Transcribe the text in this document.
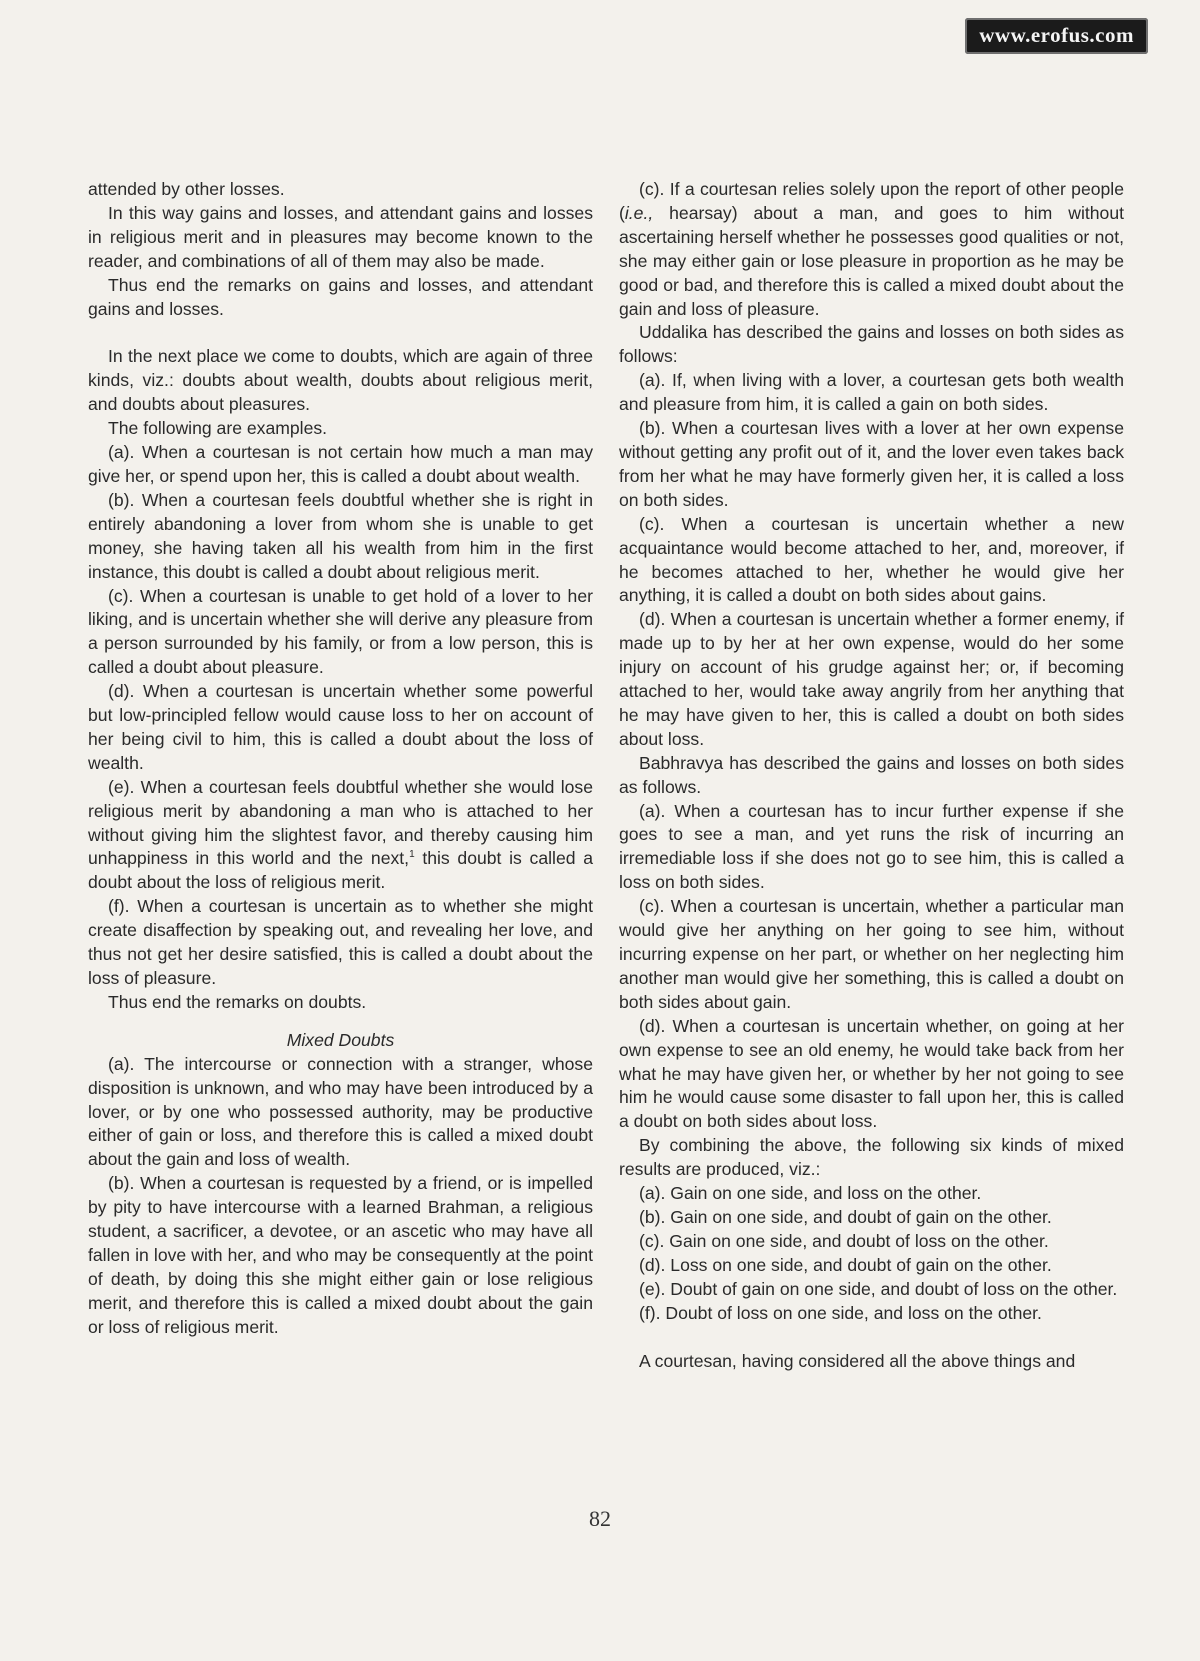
www.erofus.com

attended by other losses.

In this way gains and losses, and attendant gains and losses in religious merit and in pleasures may become known to the reader, and combinations of all of them may also be made.

Thus end the remarks on gains and losses, and attendant gains and losses.

In the next place we come to doubts, which are again of three kinds, viz.: doubts about wealth, doubts about religious merit, and doubts about pleasures.

The following are examples.

(a). When a courtesan is not certain how much a man may give her, or spend upon her, this is called a doubt about wealth.

(b). When a courtesan feels doubtful whether she is right in entirely abandoning a lover from whom she is unable to get money, she having taken all his wealth from him in the first instance, this doubt is called a doubt about religious merit.

(c). When a courtesan is unable to get hold of a lover to her liking, and is uncertain whether she will derive any pleasure from a person surrounded by his family, or from a low person, this is called a doubt about pleasure.

(d). When a courtesan is uncertain whether some powerful but low-principled fellow would cause loss to her on account of her being civil to him, this is called a doubt about the loss of wealth.

(e). When a courtesan feels doubtful whether she would lose religious merit by abandoning a man who is attached to her without giving him the slightest favor, and thereby causing him unhappiness in this world and the next,$^1$ this doubt is called a doubt about the loss of religious merit.

(f). When a courtesan is uncertain as to whether she might create disaffection by speaking out, and revealing her love, and thus not get her desire satisfied, this is called a doubt about the loss of pleasure.

Thus end the remarks on doubts.

Mixed Doubts

(a). The intercourse or connection with a stranger, whose disposition is unknown, and who may have been introduced by a lover, or by one who possessed authority, may be productive either of gain or loss, and therefore this is called a mixed doubt about the gain and loss of wealth.

(b). When a courtesan is requested by a friend, or is impelled by pity to have intercourse with a learned Brahman, a religious student, a sacrificer, a devotee, or an ascetic who may have all fallen in love with her, and who may be consequently at the point of death, by doing this she might either gain or lose religious merit, and therefore this is called a mixed doubt about the gain or loss of religious merit.

(c). If a courtesan relies solely upon the report of other people (i.e., hearsay) about a man, and goes to him without ascertaining herself whether he possesses good qualities or not, she may either gain or lose pleasure in proportion as he may be good or bad, and therefore this is called a mixed doubt about the gain and loss of pleasure.

Uddalika has described the gains and losses on both sides as follows:

(a). If, when living with a lover, a courtesan gets both wealth and pleasure from him, it is called a gain on both sides.

(b). When a courtesan lives with a lover at her own expense without getting any profit out of it, and the lover even takes back from her what he may have formerly given her, it is called a loss on both sides.

(c). When a courtesan is uncertain whether a new acquaintance would become attached to her, and, moreover, if he becomes attached to her, whether he would give her anything, it is called a doubt on both sides about gains.

(d). When a courtesan is uncertain whether a former enemy, if made up to by her at her own expense, would do her some injury on account of his grudge against her; or, if becoming attached to her, would take away angrily from her anything that he may have given to her, this is called a doubt on both sides about loss.

Babhravya has described the gains and losses on both sides as follows.

(a). When a courtesan has to incur further expense if she goes to see a man, and yet runs the risk of incurring an irremediable loss if she does not go to see him, this is called a loss on both sides.

(c). When a courtesan is uncertain, whether a particular man would give her anything on her going to see him, without incurring expense on her part, or whether on her neglecting him another man would give her something, this is called a doubt on both sides about gain.

(d). When a courtesan is uncertain whether, on going at her own expense to see an old enemy, he would take back from her what he may have given her, or whether by her not going to see him he would cause some disaster to fall upon her, this is called a doubt on both sides about loss.

By combining the above, the following six kinds of mixed results are produced, viz.:

(a). Gain on one side, and loss on the other.

(b). Gain on one side, and doubt of gain on the other.

(c). Gain on one side, and doubt of loss on the other.

(d). Loss on one side, and doubt of gain on the other.

(e). Doubt of gain on one side, and doubt of loss on the other.

(f). Doubt of loss on one side, and loss on the other.

A courtesan, having considered all the above things and

82
